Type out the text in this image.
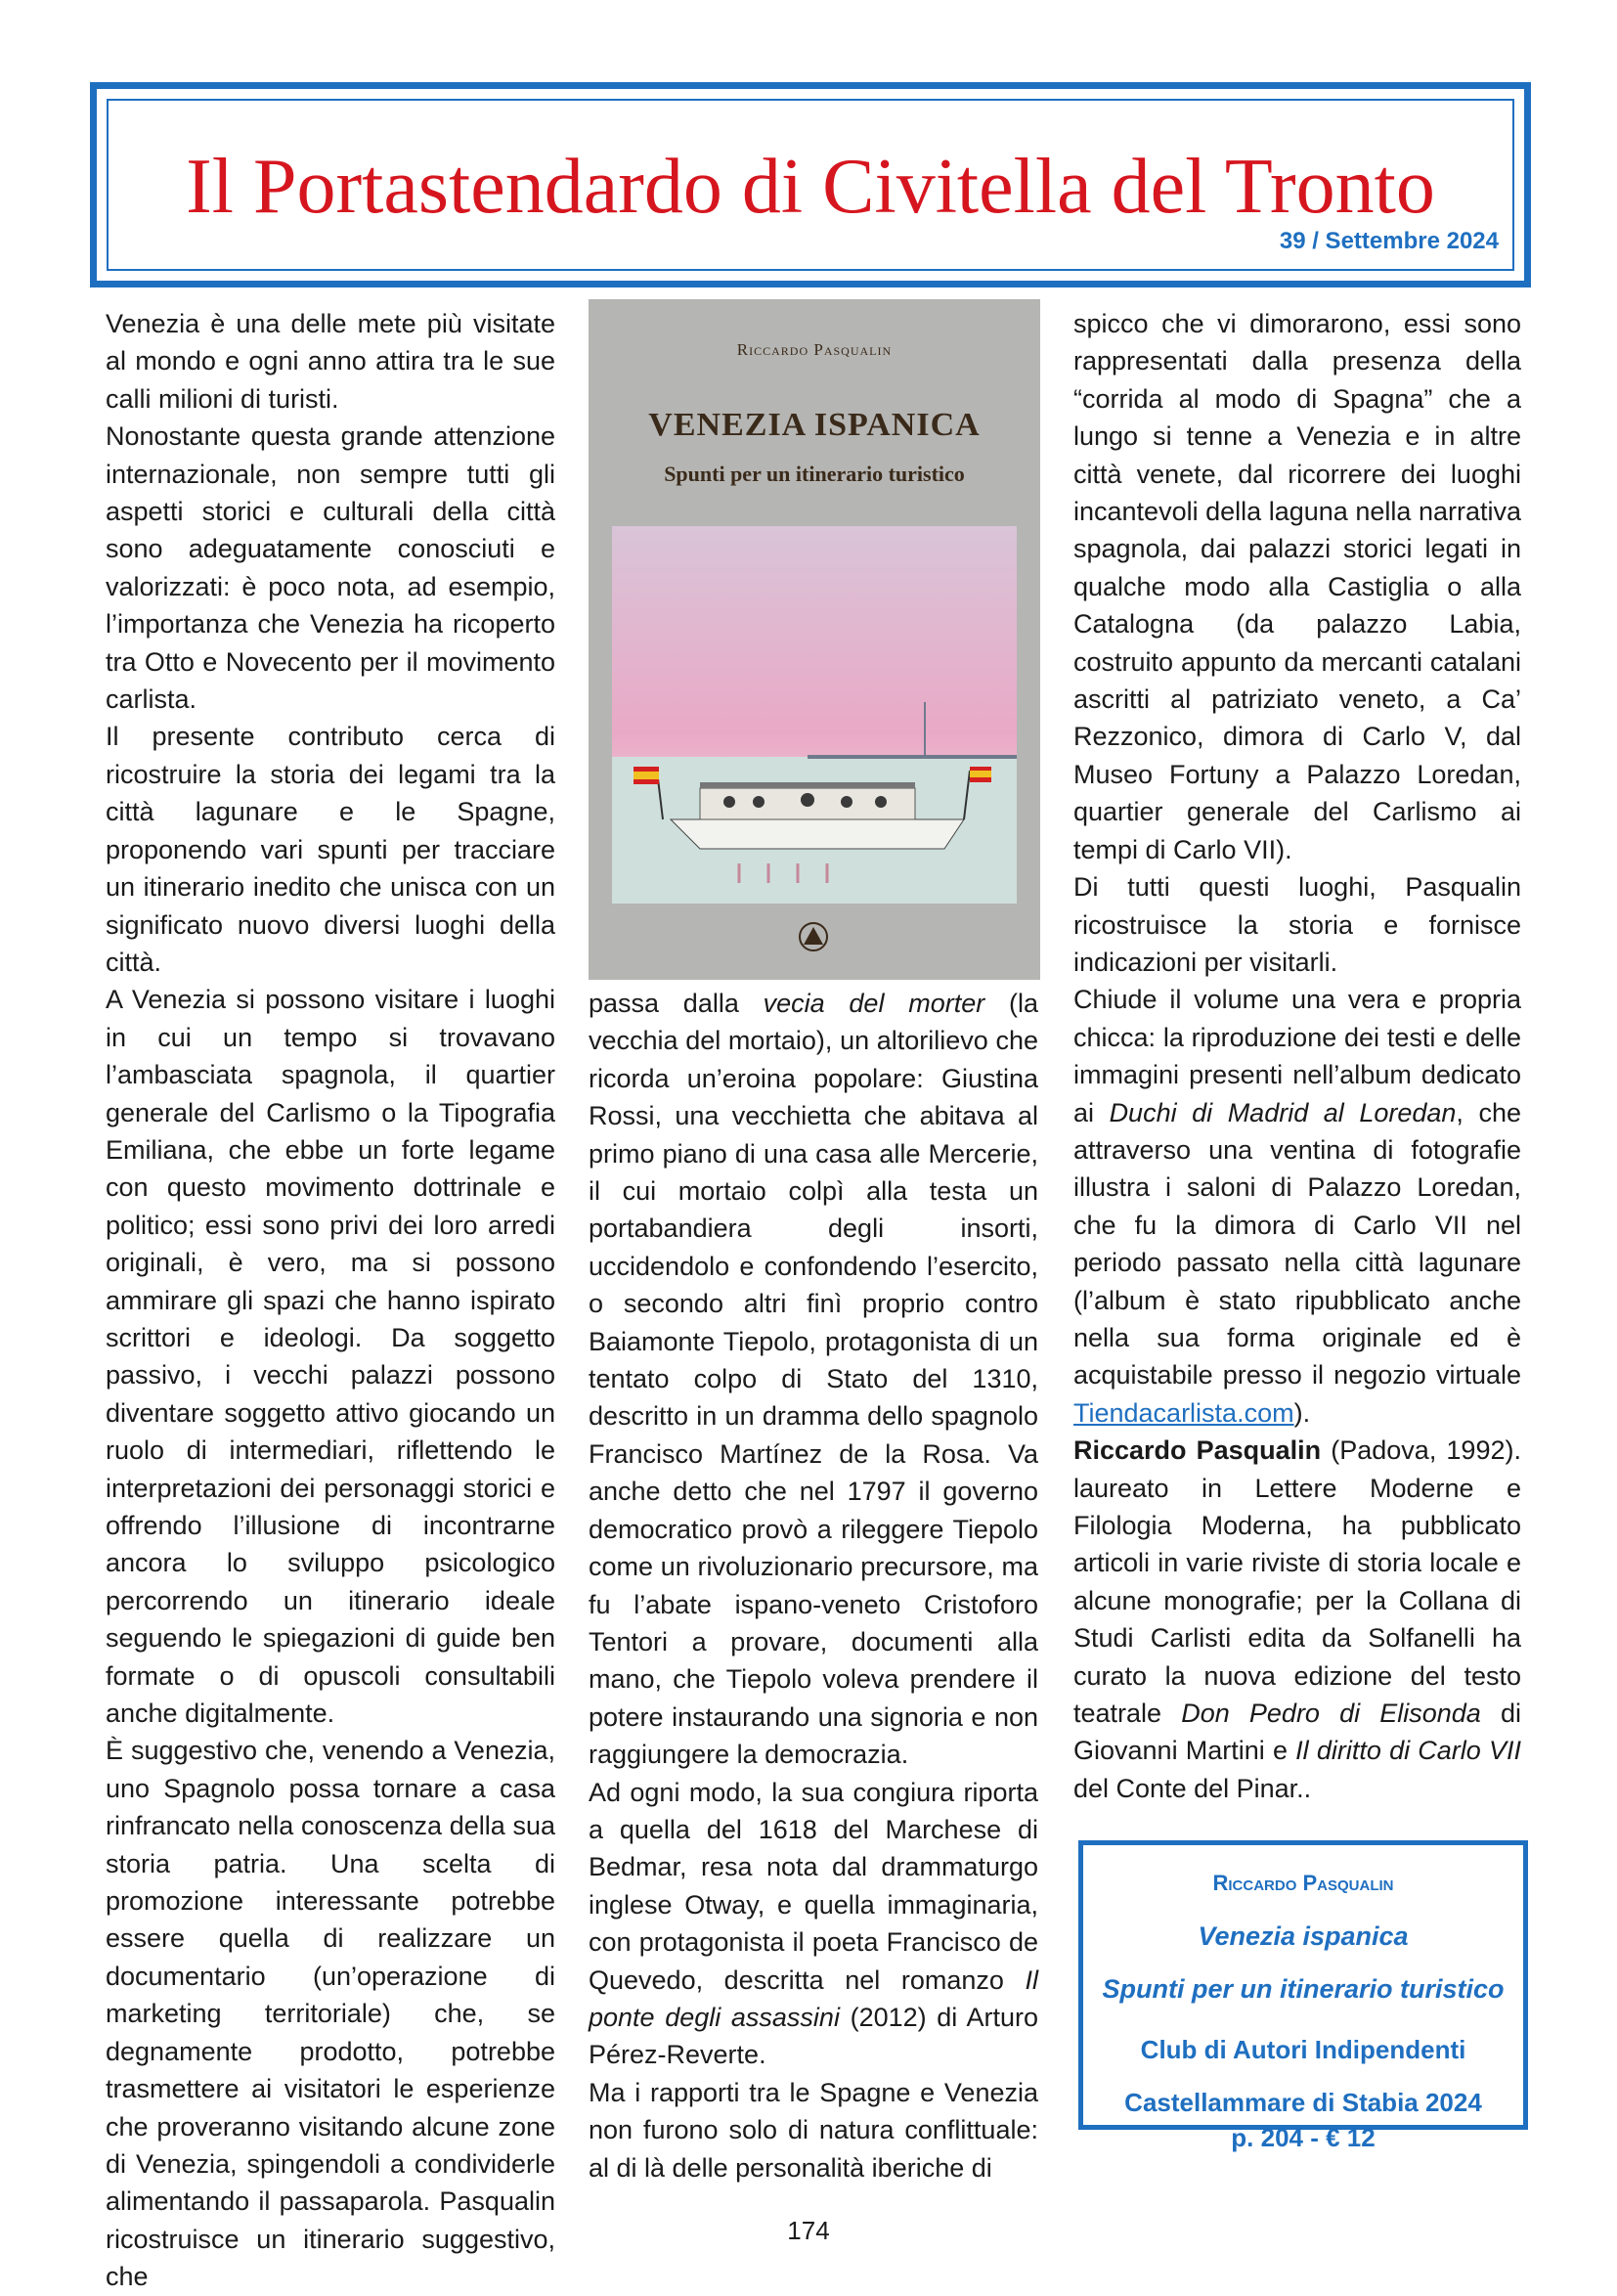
Il Portastendardo di Civitella del Tronto
39 / Settembre 2024

Venezia è una delle mete più visitate al mondo e ogni anno attira tra le sue calli milioni di turisti.

Nonostante questa grande attenzione internazionale, non sempre tutti gli aspetti storici e culturali della città sono adeguatamente conosciuti e valorizzati: è poco nota, ad esempio, l’importanza che Venezia ha ricoperto tra Otto e Novecento per il movimento carlista.

Il presente contributo cerca di ricostruire la storia dei legami tra la città lagunare e le Spagne, proponendo vari spunti per tracciare un itinerario inedito che unisca con un significato nuovo diversi luoghi della città.

A Venezia si possono visitare i luoghi in cui un tempo si trovavano l’ambasciata spagnola, il quartier generale del Carlismo o la Tipografia Emiliana, che ebbe un forte legame con questo movimento dottrinale e politico; essi sono privi dei loro arredi originali, è vero, ma si possono ammirare gli spazi che hanno ispirato scrittori e ideologi. Da soggetto passivo, i vecchi palazzi possono diventare soggetto attivo giocando un ruolo di intermediari, riflettendo le interpretazioni dei personaggi storici e offrendo l’illusione di incontrarne ancora lo sviluppo psicologico percorrendo un itinerario ideale seguendo le spiegazioni di guide ben formate o di opuscoli consultabili anche digitalmente.

È suggestivo che, venendo a Venezia, uno Spagnolo possa tornare a casa rinfrancato nella conoscenza della sua storia patria. Una scelta di promozione interessante potrebbe essere quella di realizzare un documentario (un’operazione di marketing territoriale) che, se degnamente prodotto, potrebbe trasmettere ai visitatori le esperienze che proveranno visitando alcune zone di Venezia, spingendoli a condividerle alimentando il passaparola. Pasqualin ricostruisce un itinerario suggestivo, che

Riccardo Pasqualin
VENEZIA ISPANICA
Spunti per un itinerario turistico

passa dalla vecia del morter (la vecchia del mortaio), un altorilievo che ricorda un’eroina popolare: Giustina Rossi, una vecchietta che abitava al primo piano di una casa alle Mercerie, il cui mortaio colpì alla testa un portabandiera degli insorti, uccidendolo e confondendo l’esercito, o secondo altri finì proprio contro Baiamonte Tiepolo, protagonista di un tentato colpo di Stato del 1310, descritto in un dramma dello spagnolo Francisco Martínez de la Rosa. Va anche detto che nel 1797 il governo democratico provò a rileggere Tiepolo come un rivoluzionario precursore, ma fu l’abate ispano-veneto Cristoforo Tentori a provare, documenti alla mano, che Tiepolo voleva prendere il potere instaurando una signoria e non raggiungere la democrazia.

Ad ogni modo, la sua congiura riporta a quella del 1618 del Marchese di Bedmar, resa nota dal drammaturgo inglese Otway, e quella immaginaria, con protagonista il poeta Francisco de Quevedo, descritta nel romanzo Il ponte degli assassini (2012) di Arturo Pérez-Reverte.

Ma i rapporti tra le Spagne e Venezia non furono solo di natura conflittuale: al di là delle personalità iberiche di

spicco che vi dimorarono, essi sono rappresentati dalla presenza della “corrida al modo di Spagna” che a lungo si tenne a Venezia e in altre città venete, dal ricorrere dei luoghi incantevoli della laguna nella narrativa spagnola, dai palazzi storici legati in qualche modo alla Castiglia o alla Catalogna (da palazzo Labia, costruito appunto da mercanti catalani ascritti al patriziato veneto, a Ca’ Rezzonico, dimora di Carlo V, dal Museo Fortuny a Palazzo Loredan, quartier generale del Carlismo ai tempi di Carlo VII).

Di tutti questi luoghi, Pasqualin ricostruisce la storia e fornisce indicazioni per visitarli.

Chiude il volume una vera e propria chicca: la riproduzione dei testi e delle immagini presenti nell’album dedicato ai Duchi di Madrid al Loredan, che attraverso una ventina di fotografie illustra i saloni di Palazzo Loredan, che fu la dimora di Carlo VII nel periodo passato nella città lagunare (l’album è stato ripubblicato anche nella sua forma originale ed è acquistabile presso il negozio virtuale Tiendacarlista.com).

Riccardo Pasqualin (Padova, 1992). laureato in Lettere Moderne e Filologia Moderna, ha pubblicato articoli in varie riviste di storia locale e alcune monografie; per la Collana di Studi Carlisti edita da Solfanelli ha curato la nuova edizione del testo teatrale Don Pedro di Elisonda di Giovanni Martini e Il diritto di Carlo VII del Conte del Pinar..

Riccardo Pasqualin
Venezia ispanica
Spunti per un itinerario turistico
Club di Autori Indipendenti
Castellammare di Stabia 2024
p. 204 - € 12
174
